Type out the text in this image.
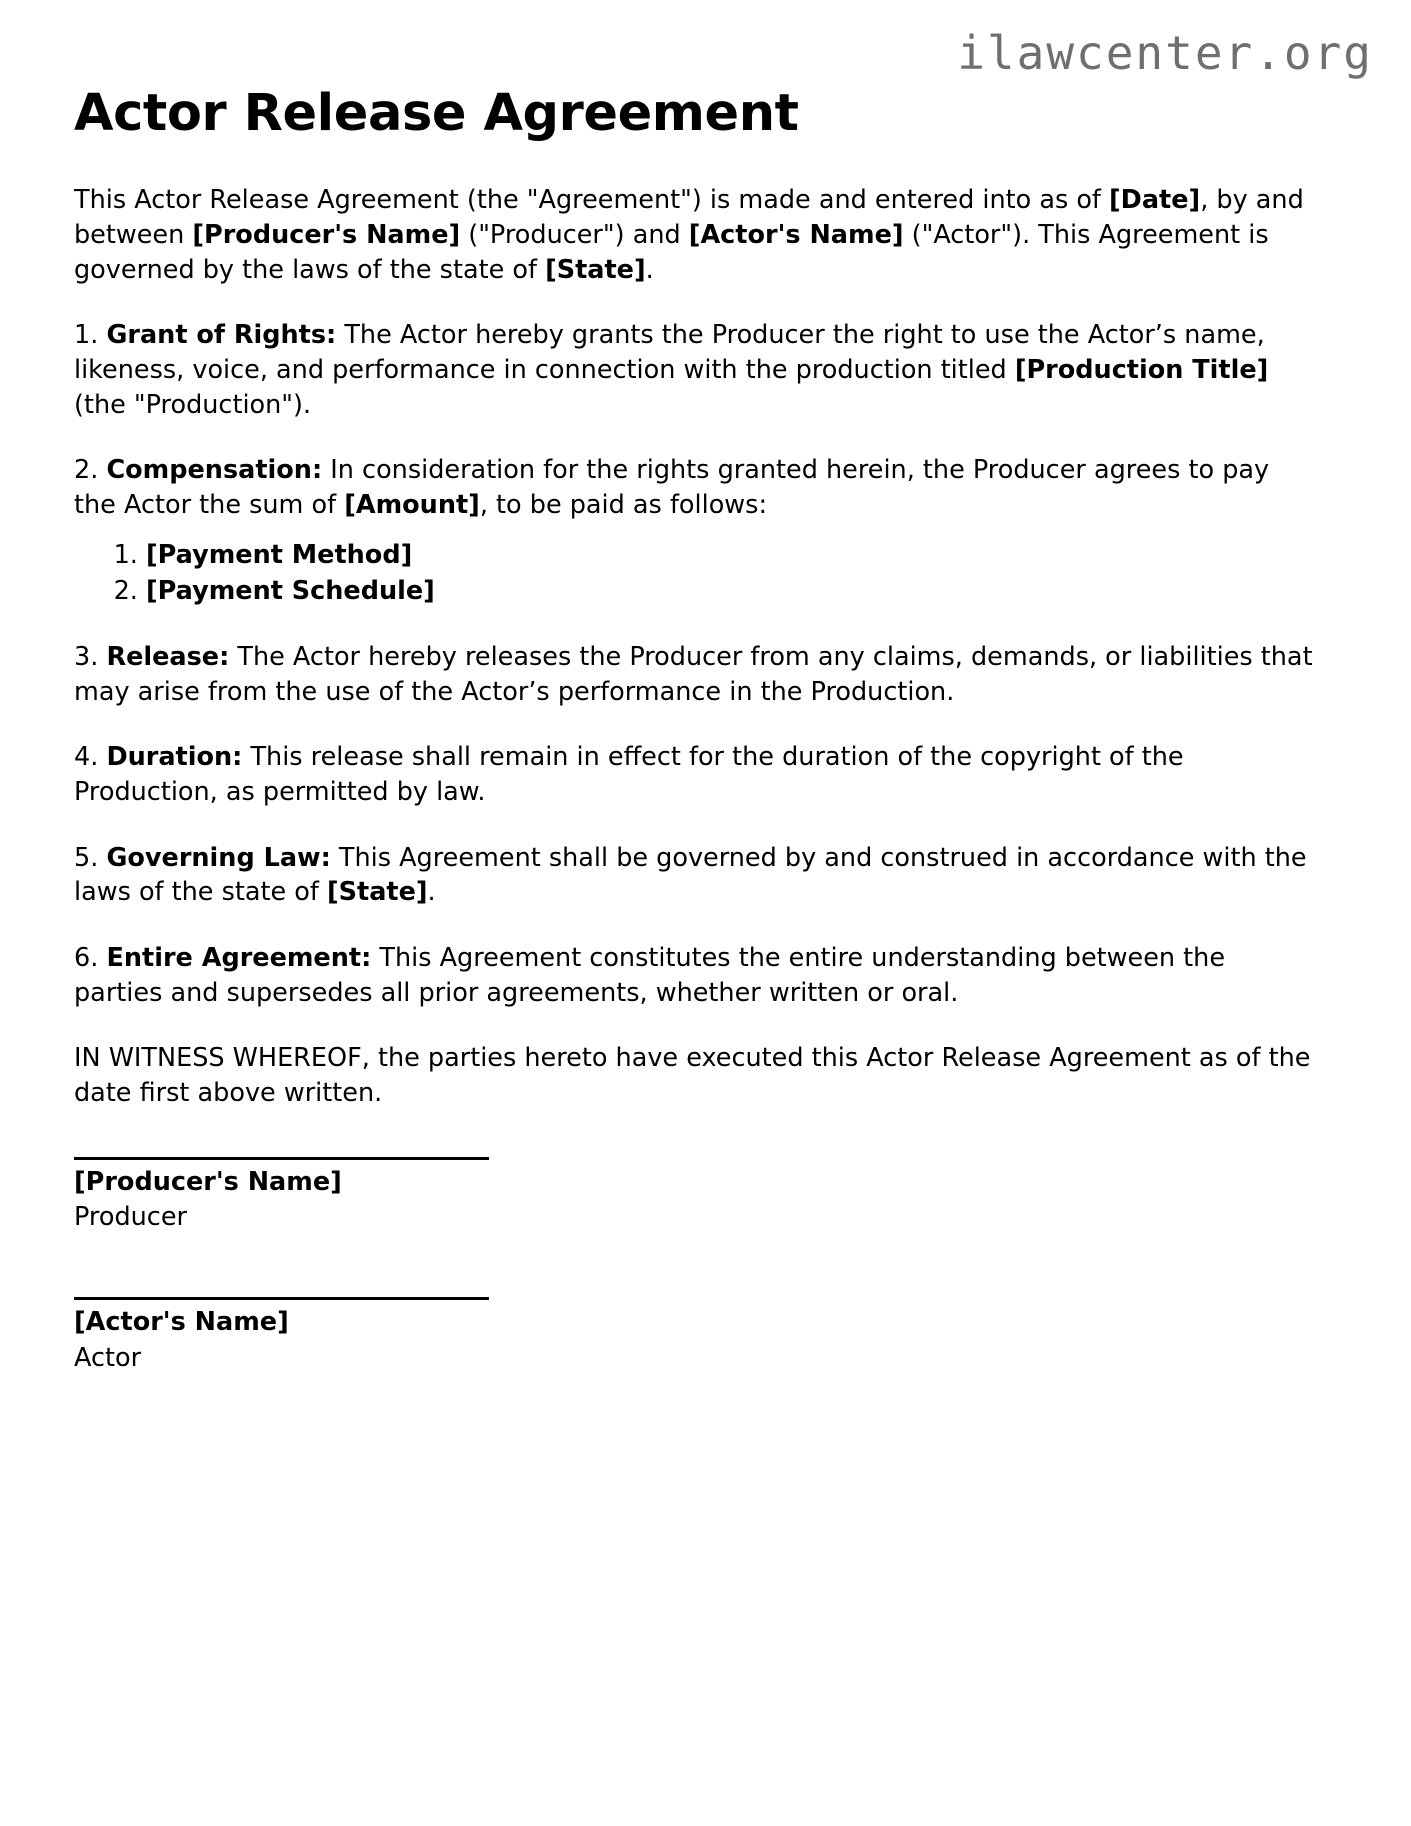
ilawcenter.org
Actor Release Agreement

This Actor Release Agreement (the "Agreement") is made and entered into as of [Date], by and between [Producer's Name] ("Producer") and [Actor's Name] ("Actor"). This Agreement is governed by the laws of the state of [State].

1. Grant of Rights: The Actor hereby grants the Producer the right to use the Actor’s name, likeness, voice, and performance in connection with the production titled [Production Title] (the "Production").

2. Compensation: In consideration for the rights granted herein, the Producer agrees to pay the Actor the sum of [Amount], to be paid as follows:

1. [Payment Method]
2. [Payment Schedule]

3. Release: The Actor hereby releases the Producer from any claims, demands, or liabilities that may arise from the use of the Actor’s performance in the Production.

4. Duration: This release shall remain in effect for the duration of the copyright of the Production, as permitted by law.

5. Governing Law: This Agreement shall be governed by and construed in accordance with the laws of the state of [State].

6. Entire Agreement: This Agreement constitutes the entire understanding between the parties and supersedes all prior agreements, whether written or oral.

IN WITNESS WHEREOF, the parties hereto have executed this Actor Release Agreement as of the date first above written.

[Producer's Name]
Producer
[Actor's Name]
Actor
